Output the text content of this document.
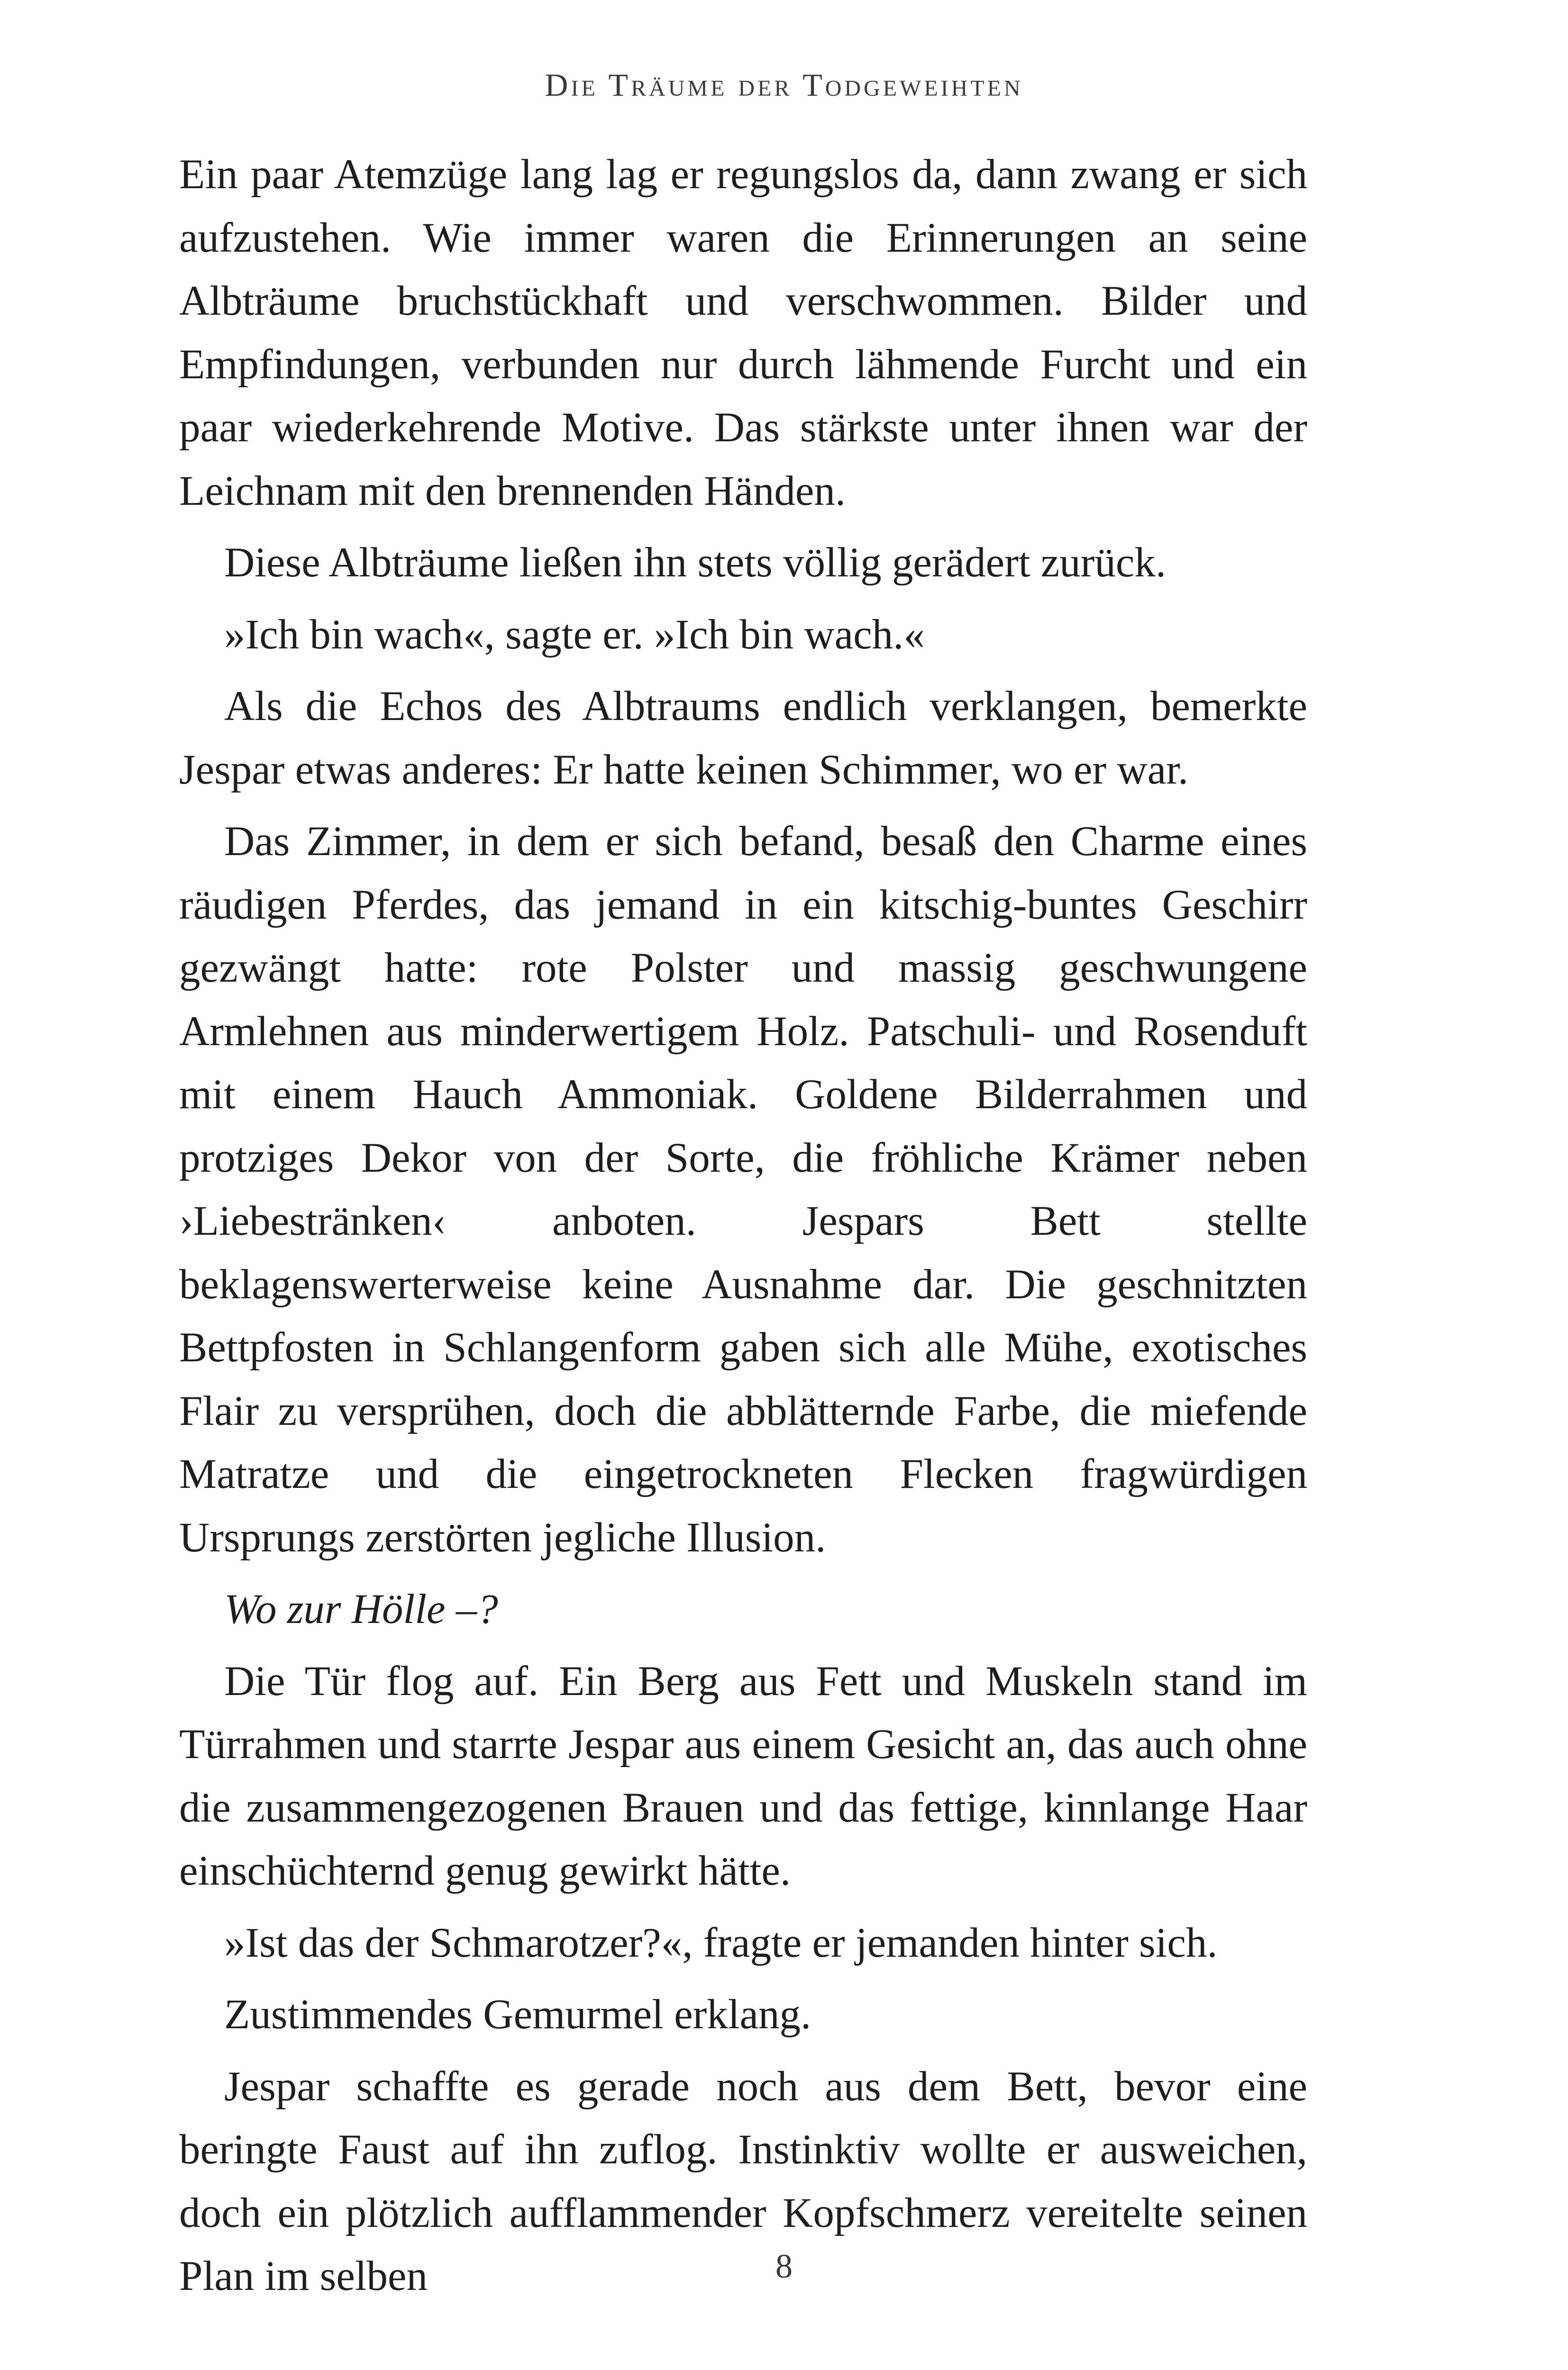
Die Träume der Todgeweihten

Ein paar Atemzüge lang lag er regungslos da, dann zwang er sich aufzustehen. Wie immer waren die Erinnerungen an seine Albträume bruchstückhaft und verschwommen. Bilder und Empfindungen, verbunden nur durch lähmende Furcht und ein paar wiederkehrende Motive. Das stärkste unter ihnen war der Leichnam mit den brennenden Händen.

Diese Albträume ließen ihn stets völlig gerädert zurück.

»Ich bin wach«, sagte er. »Ich bin wach.«

Als die Echos des Albtraums endlich verklangen, bemerkte Jespar etwas anderes: Er hatte keinen Schimmer, wo er war.

Das Zimmer, in dem er sich befand, besaß den Charme eines räudigen Pferdes, das jemand in ein kitschig-buntes Geschirr gezwängt hatte: rote Polster und massig geschwungene Armlehnen aus minderwertigem Holz. Patschuli- und Rosenduft mit einem Hauch Ammoniak. Goldene Bilderrahmen und protziges Dekor von der Sorte, die fröhliche Krämer neben ›Liebestränken‹ anboten. Jespars Bett stellte beklagenswerterweise keine Ausnahme dar. Die geschnitzten Bettpfosten in Schlangenform gaben sich alle Mühe, exotisches Flair zu versprühen, doch die abblätternde Farbe, die miefende Matratze und die eingetrockneten Flecken fragwürdigen Ursprungs zerstörten jegliche Illusion.

Wo zur Hölle –?

Die Tür flog auf. Ein Berg aus Fett und Muskeln stand im Türrahmen und starrte Jespar aus einem Gesicht an, das auch ohne die zusammengezogenen Brauen und das fettige, kinnlange Haar einschüchternd genug gewirkt hätte.

»Ist das der Schmarotzer?«, fragte er jemanden hinter sich.

Zustimmendes Gemurmel erklang.

Jespar schaffte es gerade noch aus dem Bett, bevor eine beringte Faust auf ihn zuflog. Instinktiv wollte er ausweichen, doch ein plötzlich aufflammender Kopfschmerz vereitelte seinen Plan im selben	8
